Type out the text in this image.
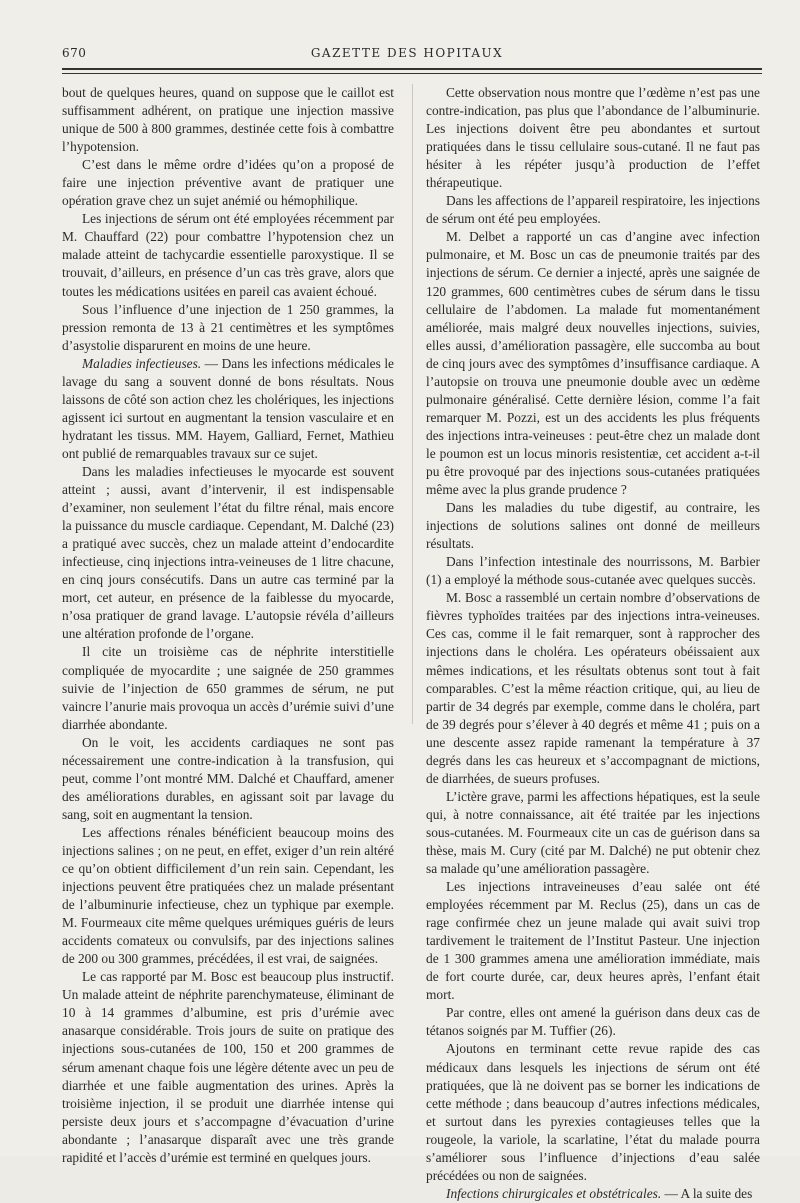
670	GAZETTE DES HOPITAUX

bout de quelques heures, quand on suppose que le caillot est suffisamment adhérent, on pratique une injection massive unique de 500 à 800 grammes, destinée cette fois à combattre l’hypotension.

C’est dans le même ordre d’idées qu’on a proposé de faire une injection préventive avant de pratiquer une opération grave chez un sujet anémié ou hémophilique.

Les injections de sérum ont été employées récemment par M. Chauffard (22) pour combattre l’hypotension chez un malade atteint de tachycardie essentielle paroxystique. Il se trouvait, d’ailleurs, en présence d’un cas très grave, alors que toutes les médications usitées en pareil cas avaient échoué.

Sous l’influence d’une injection de 1 250 grammes, la pression remonta de 13 à 21 centimètres et les symptômes d’asystolie disparurent en moins de une heure.

Maladies infectieuses. — Dans les infections médicales le lavage du sang a souvent donné de bons résultats. Nous laissons de côté son action chez les cholériques, les injections agissent ici surtout en augmentant la tension vasculaire et en hydratant les tissus. MM. Hayem, Galliard, Fernet, Mathieu ont publié de remarquables travaux sur ce sujet.

Dans les maladies infectieuses le myocarde est souvent atteint ; aussi, avant d’intervenir, il est indispensable d’examiner, non seulement l’état du filtre rénal, mais encore la puissance du muscle cardiaque. Cependant, M. Dalché (23) a pratiqué avec succès, chez un malade atteint d’endocardite infectieuse, cinq injections intra-veineuses de 1 litre chacune, en cinq jours consécutifs. Dans un autre cas terminé par la mort, cet auteur, en présence de la faiblesse du myocarde, n’osa pratiquer de grand lavage. L’autopsie révéla d’ailleurs une altération profonde de l’organe.

Il cite un troisième cas de néphrite interstitielle compliquée de myocardite ; une saignée de 250 grammes suivie de l’injection de 650 grammes de sérum, ne put vaincre l’anurie mais provoqua un accès d’urémie suivi d’une diarrhée abondante.

On le voit, les accidents cardiaques ne sont pas nécessairement une contre-indication à la transfusion, qui peut, comme l’ont montré MM. Dalché et Chauffard, amener des améliorations durables, en agissant soit par lavage du sang, soit en augmentant la tension.

Les affections rénales bénéficient beaucoup moins des injections salines ; on ne peut, en effet, exiger d’un rein altéré ce qu’on obtient difficilement d’un rein sain. Cependant, les injections peuvent être pratiquées chez un malade présentant de l’albuminurie infectieuse, chez un typhique par exemple. M. Fourmeaux cite même quelques urémiques guéris de leurs accidents comateux ou convulsifs, par des injections salines de 200 ou 300 grammes, précédées, il est vrai, de saignées.

Le cas rapporté par M. Bosc est beaucoup plus instructif. Un malade atteint de néphrite parenchymateuse, éliminant de 10 à 14 grammes d’albumine, est pris d’urémie avec anasarque considérable. Trois jours de suite on pratique des injections sous-cutanées de 100, 150 et 200 grammes de sérum amenant chaque fois une légère détente avec un peu de diarrhée et une faible augmentation des urines. Après la troisième injection, il se produit une diarrhée intense qui persiste deux jours et s’accompagne d’évacuation d’urine abondante ; l’anasarque disparaît avec une très grande rapidité et l’accès d’urémie est terminé en quelques jours.

Cette observation nous montre que l’œdème n’est pas une contre-indication, pas plus que l’abondance de l’albuminurie. Les injections doivent être peu abondantes et surtout pratiquées dans le tissu cellulaire sous-cutané. Il ne faut pas hésiter à les répéter jusqu’à production de l’effet thérapeutique.

Dans les affections de l’appareil respiratoire, les injections de sérum ont été peu employées.

M. Delbet a rapporté un cas d’angine avec infection pulmonaire, et M. Bosc un cas de pneumonie traités par des injections de sérum. Ce dernier a injecté, après une saignée de 120 grammes, 600 centimètres cubes de sérum dans le tissu cellulaire de l’abdomen. La malade fut momentanément améliorée, mais malgré deux nouvelles injections, suivies, elles aussi, d’amélioration passagère, elle succomba au bout de cinq jours avec des symptômes d’insuffisance cardiaque. A l’autopsie on trouva une pneumonie double avec un œdème pulmonaire généralisé. Cette dernière lésion, comme l’a fait remarquer M. Pozzi, est un des accidents les plus fréquents des injections intra-veineuses : peut-être chez un malade dont le poumon est un locus minoris resistentiæ, cet accident a-t-il pu être provoqué par des injections sous-cutanées pratiquées même avec la plus grande prudence ?

Dans les maladies du tube digestif, au contraire, les injections de solutions salines ont donné de meilleurs résultats.

Dans l’infection intestinale des nourrissons, M. Barbier (1) a employé la méthode sous-cutanée avec quelques succès.

M. Bosc a rassemblé un certain nombre d’observations de fièvres typhoïdes traitées par des injections intra-veineuses. Ces cas, comme il le fait remarquer, sont à rapprocher des injections dans le choléra. Les opérateurs obéissaient aux mêmes indications, et les résultats obtenus sont tout à fait comparables. C’est la même réaction critique, qui, au lieu de partir de 34 degrés par exemple, comme dans le choléra, part de 39 degrés pour s’élever à 40 degrés et même 41 ; puis on a une descente assez rapide ramenant la température à 37 degrés dans les cas heureux et s’accompagnant de mictions, de diarrhées, de sueurs profuses.

L’ictère grave, parmi les affections hépatiques, est la seule qui, à notre connaissance, ait été traitée par les injections sous-cutanées. M. Fourmeaux cite un cas de guérison dans sa thèse, mais M. Cury (cité par M. Dalché) ne put obtenir chez sa malade qu’une amélioration passagère.

Les injections intraveineuses d’eau salée ont été employées récemment par M. Reclus (25), dans un cas de rage confirmée chez un jeune malade qui avait suivi trop tardivement le traitement de l’Institut Pasteur. Une injection de 1 300 grammes amena une amélioration immédiate, mais de fort courte durée, car, deux heures après, l’enfant était mort.

Par contre, elles ont amené la guérison dans deux cas de tétanos soignés par M. Tuffier (26).

Ajoutons en terminant cette revue rapide des cas médicaux dans lesquels les injections de sérum ont été pratiquées, que là ne doivent pas se borner les indications de cette méthode ; dans beaucoup d’autres infections médicales, et surtout dans les pyrexies contagieuses telles que la rougeole, la variole, la scarlatine, l’état du malade pourra s’améliorer sous l’influence d’injections d’eau salée précédées ou non de saignées.

Infections chirurgicales et obstétricales. — A la suite des
